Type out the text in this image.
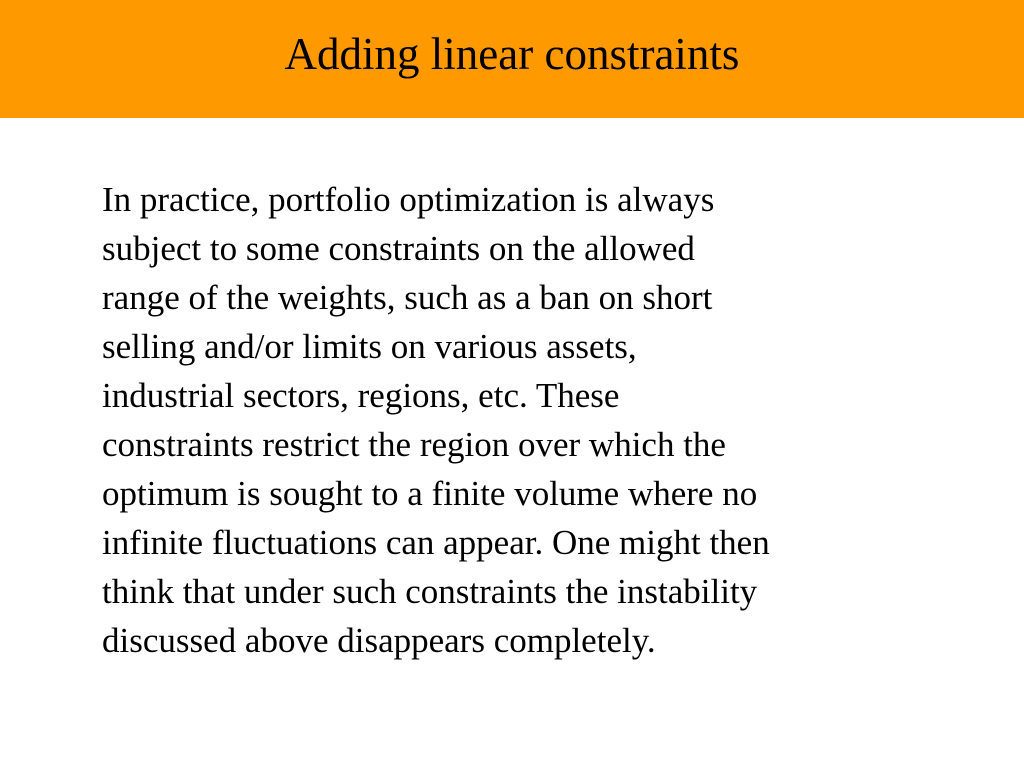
Adding linear constraints

In practice, portfolio optimization is always
subject to some constraints on the allowed
range of the weights, such as a ban on short
selling and/or limits on various assets,
industrial sectors, regions, etc. These
constraints restrict the region over which the
optimum is sought to a finite volume where no
infinite fluctuations can appear. One might then
think that under such constraints the instability
discussed above disappears completely.
